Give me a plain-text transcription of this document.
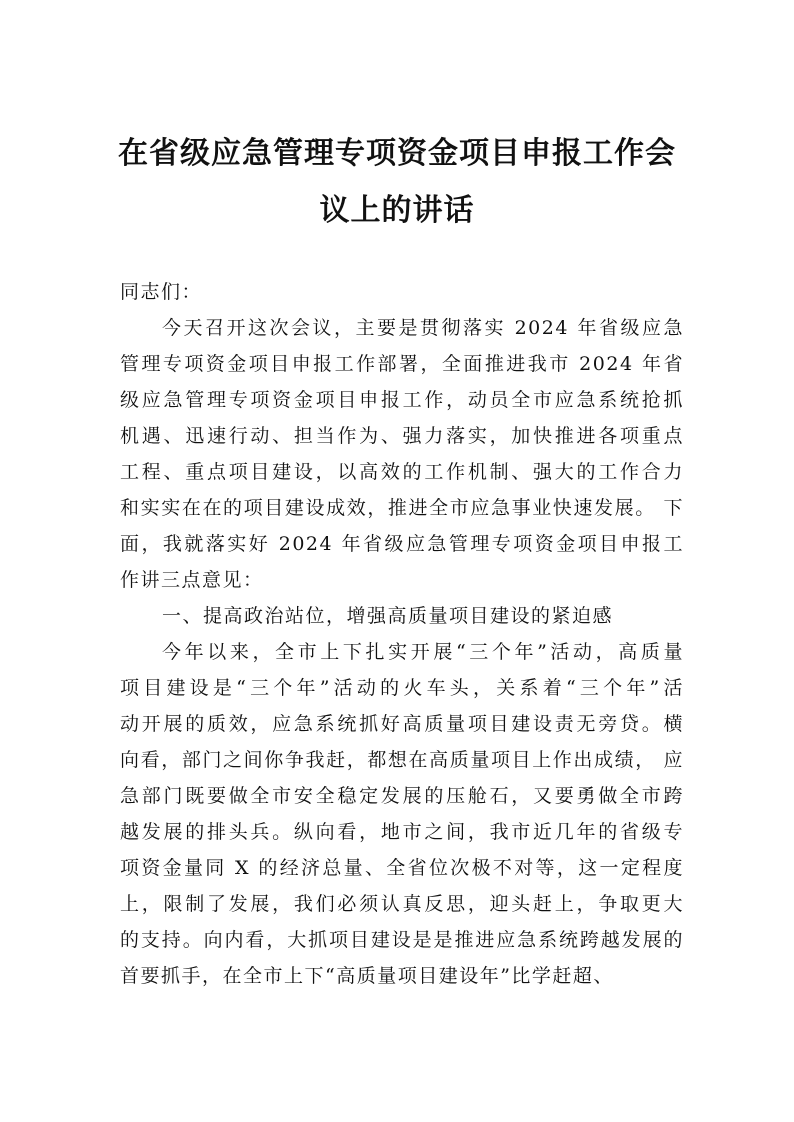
在省级应急管理专项资金项目申报工作会
议上的讲话
同志们：
今天召开这次会议，主要是贯彻落实 2024 年省级应急
管理专项资金项目申报工作部署，全面推进我市 2024 年省
级应急管理专项资金项目申报工作，动员全市应急系统抢抓
机遇、迅速行动、担当作为、强力落实，加快推进各项重点
工程、重点项目建设，以高效的工作机制、强大的工作合力
和实实在在的项目建设成效，推进全市应急事业快速发展。 下
面，我就落实好 2024 年省级应急管理专项资金项目申报工
作讲三点意见：
一、提高政治站位，增强高质量项目建设的紧迫感
今年以来，全市上下扎实开展“三个年”活动，高质量
项目建设是“三个年”活动的火车头，关系着“三个年”活
动开展的质效，应急系统抓好高质量项目建设责无旁贷。横
向看，部门之间你争我赶，都想在高质量项目上作出成绩， 应
急部门既要做全市安全稳定发展的压舱石，又要勇做全市跨
越发展的排头兵。纵向看，地市之间，我市近几年的省级专
项资金量同 X 的经济总量、全省位次极不对等，这一定程度
上，限制了发展，我们必须认真反思，迎头赶上，争取更大
的支持。向内看，大抓项目建设是是推进应急系统跨越发展的
首要抓手，在全市上下“高质量项目建设年”比学赶超、
